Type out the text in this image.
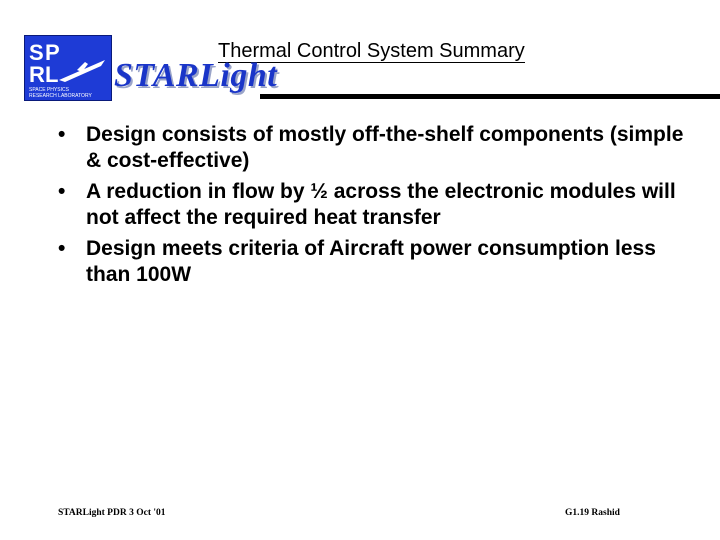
S P
R L
SPACE PHYSICS
RESEARCH LABORATORY
Thermal Control System Summary
STARLight
• Design consists of mostly off-the-shelf components (simple & cost-effective)
• A reduction in flow by ½ across the electronic modules will not affect the required heat transfer
• Design meets criteria of Aircraft power consumption less than 100W
STARLight PDR 3 Oct '01	G1.19 Rashid
